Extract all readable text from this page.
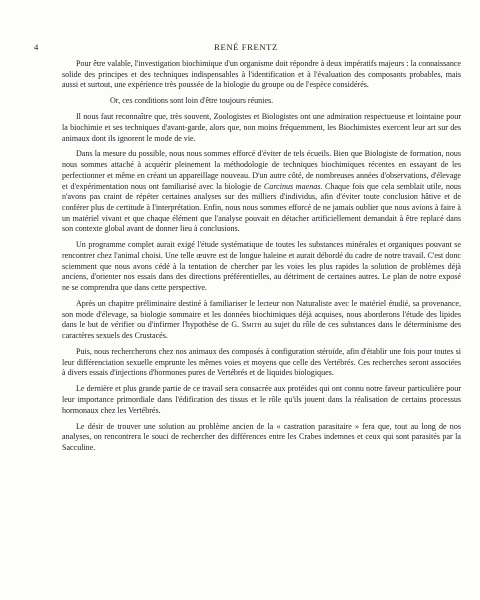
4	RENÉ FRENTZ

Pour être valable, l'investigation biochimique d'un organisme doit répondre à deux impératifs majeurs : la connaissance solide des principes et des techniques indispensables à l'identification et à l'évaluation des composants probables, mais aussi et surtout, une expérience très poussée de la biologie du groupe ou de l'espèce considérés.

Or, ces conditions sont loin d'être toujours réunies.

Il nous faut reconnaître que, très souvent, Zoologistes et Biologistes ont une admiration respectueuse et lointaine pour la biochimie et ses techniques d'avant-garde, alors que, non moins fréquemment, les Biochimistes exercent leur art sur des animaux dont ils ignorent le mode de vie.

Dans la mesure du possible, nous nous sommes efforcé d'éviter de tels écueils. Bien que Biologiste de formation, nous nous sommes attaché à acquérir pleinement la méthodologie de techniques biochimiques récentes en essayant de les perfectionner et même en créant un appareillage nouveau. D'un autre côté, de nombreuses années d'observations, d'élevage et d'expérimentation nous ont familiarisé avec la biologie de Carcinus maenas. Chaque fois que cela semblait utile, nous n'avons pas craint de répéter certaines analyses sur des milliers d'individus, afin d'éviter toute conclusion hâtive et de conférer plus de certitude à l'interprétation. Enfin, nous nous sommes efforcé de ne jamais oublier que nous avions à faire à un matériel vivant et que chaque élément que l'analyse pouvait en détacher artificiellement demandait à être replacé dans son contexte global avant de donner lieu à conclusions.

Un programme complet aurait exigé l'étude systématique de toutes les substances minérales et organiques pouvant se rencontrer chez l'animal choisi. Une telle œuvre est de longue haleine et aurait débordé du cadre de notre travail. C'est donc sciemment que nous avons cédé à la tentation de chercher par les voies les plus rapides la solution de problèmes déjà anciens, d'orienter nos essais dans des directions préférentielles, au détriment de certaines autres. Le plan de notre exposé ne se comprendra que dans cette perspective.

Après un chapitre préliminaire destiné à familiariser le lecteur non Naturaliste avec le matériel étudié, sa provenance, son mode d'élevage, sa biologie sommaire et les données biochimiques déjà acquises, nous aborderons l'étude des lipides dans le but de vérifier ou d'infirmer l'hypothèse de G. Smith au sujet du rôle de ces substances dans le déterminisme des caractères sexuels des Crustacés.

Puis, nous rechercherons chez nos animaux des composés à configuration stéroïde, afin d'établir une fois pour toutes si leur différenciation sexuelle emprunte les mêmes voies et moyens que celle des Vertébrés. Ces recherches seront associées à divers essais d'injections d'hormones pures de Vertébrés et de liquides biologiques.

Le dernière et plus grande partie de ce travail sera consacrée aux protéides qui ont connu notre faveur particulière pour leur importance primordiale dans l'édification des tissus et le rôle qu'ils jouent dans la réalisation de certains processus hormonaux chez les Vertébrés.

Le désir de trouver une solution au problème ancien de la « castration parasitaire » fera que, tout au long de nos analyses, on rencontrera le souci de rechercher des différences entre les Crabes indemnes et ceux qui sont parasités par la Sacculine.
